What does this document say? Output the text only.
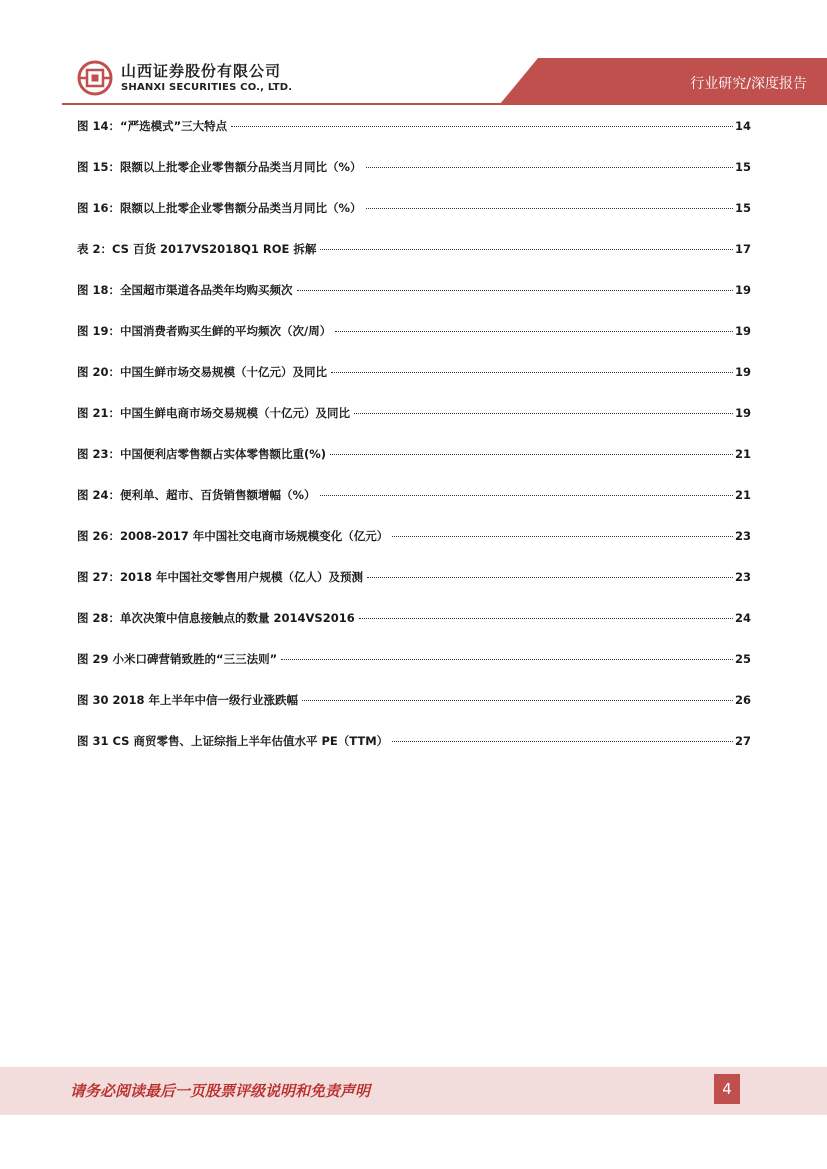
山西证券股份有限公司
SHANXI SECURITIES CO., LTD.	行业研究/深度报告
图 14：“严选模式”三大特点	14
图 15：限额以上批零企业零售额分品类当月同比（%）	15
图 16：限额以上批零企业零售额分品类当月同比（%）	15
表 2：CS 百货 2017VS2018Q1 ROE 拆解	17
图 18：全国超市渠道各品类年均购买频次	19
图 19：中国消费者购买生鲜的平均频次（次/周）	19
图 20：中国生鲜市场交易规模（十亿元）及同比	19
图 21：中国生鲜电商市场交易规模（十亿元）及同比	19
图 23：中国便利店零售额占实体零售额比重(%)	21
图 24：便利单、超市、百货销售额增幅（%）	21
图 26：2008-2017 年中国社交电商市场规模变化（亿元）	23
图 27：2018 年中国社交零售用户规模（亿人）及预测	23
图 28：单次决策中信息接触点的数量 2014VS2016	24
图 29 小米口碑营销致胜的“三三法则”	25
图 30 2018 年上半年中信一级行业涨跌幅	26
图 31 CS 商贸零售、上证综指上半年估值水平 PE（TTM）	27
请务必阅读最后一页股票评级说明和免责声明	4
